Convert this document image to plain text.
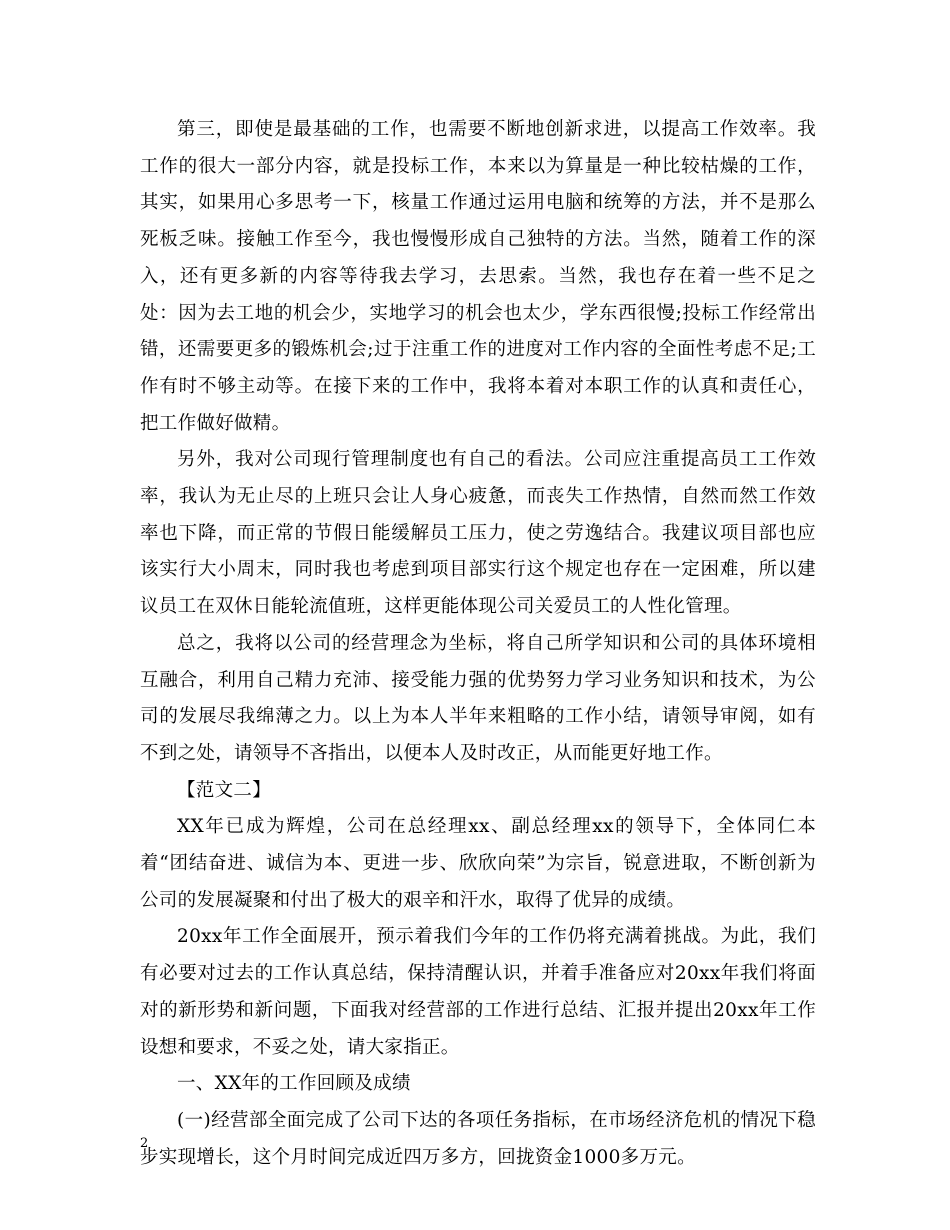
第三，即使是最基础的工作，也需要不断地创新求进，以提高工作效率。我工作的很大一部分内容，就是投标工作，本来以为算量是一种比较枯燥的工作，其实，如果用心多思考一下，核量工作通过运用电脑和统筹的方法，并不是那么死板乏味。接触工作至今，我也慢慢形成自己独特的方法。当然，随着工作的深入，还有更多新的内容等待我去学习，去思索。当然，我也存在着一些不足之处：因为去工地的机会少，实地学习的机会也太少，学东西很慢;投标工作经常出错，还需要更多的锻炼机会;过于注重工作的进度对工作内容的全面性考虑不足;工作有时不够主动等。在接下来的工作中，我将本着对本职工作的认真和责任心，把工作做好做精。

另外，我对公司现行管理制度也有自己的看法。公司应注重提高员工工作效率，我认为无止尽的上班只会让人身心疲惫，而丧失工作热情，自然而然工作效率也下降，而正常的节假日能缓解员工压力，使之劳逸结合。我建议项目部也应该实行大小周末，同时我也考虑到项目部实行这个规定也存在一定困难，所以建议员工在双休日能轮流值班，这样更能体现公司关爱员工的人性化管理。

总之，我将以公司的经营理念为坐标，将自己所学知识和公司的具体环境相互融合，利用自己精力充沛、接受能力强的优势努力学习业务知识和技术，为公司的发展尽我绵薄之力。以上为本人半年来粗略的工作小结，请领导审阅，如有不到之处，请领导不吝指出，以便本人及时改正，从而能更好地工作。

【范文二】

XX年已成为辉煌，公司在总经理xx、副总经理xx的领导下，全体同仁本着“团结奋进、诚信为本、更进一步、欣欣向荣”为宗旨，锐意进取，不断创新为公司的发展凝聚和付出了极大的艰辛和汗水，取得了优异的成绩。

20xx年工作全面展开，预示着我们今年的工作仍将充满着挑战。为此，我们有必要对过去的工作认真总结，保持清醒认识，并着手准备应对20xx年我们将面对的新形势和新问题，下面我对经营部的工作进行总结、汇报并提出20xx年工作设想和要求，不妥之处，请大家指正。

一、XX年的工作回顾及成绩

(一)经营部全面完成了公司下达的各项任务指标，在市场经济危机的情况下稳步实现增长，这个月时间完成近四万多方，回拢资金1000多万元。

2
